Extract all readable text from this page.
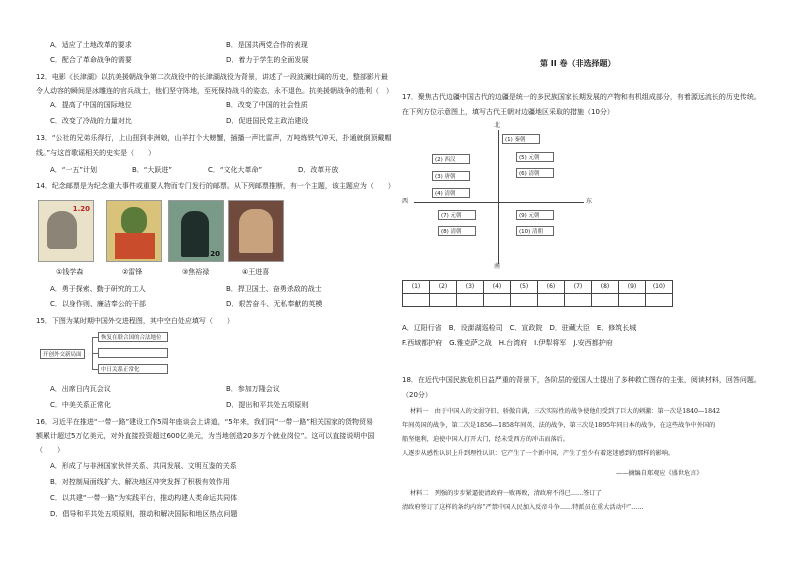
A．适应了土地改革的要求	B．是国共两党合作的表现
C．配合了革命战争的需要	D．着力于学生的全面发展
12．电影《长津湖》以抗美援朝战争第二次战役中的长津湖战役为背景，讲述了一段波澜壮阔的历史，整部影片最
令人动容的瞬间是冰雕连的官兵战士，他们坚守阵地，至死保持战斗的姿态，永不退色。抗美援朝战争的胜利（　）
A．提高了中国的国际地位	B．改变了中国的社会性质
C．改变了冷战的力量对比	D．促进国民党主政治建设
13．“公社的兄弟乐得行，上山扭到非洲娘，山羊打个大螃蟹，插播一声比雷声，万吨炼铁气冲天，扑通就倒顶戴帽
线。”与这首歌谣相关的史实是（　　）
A．“一五”计划	B．“大跃进”	C．“文化大革命”	D．改革开放
14．纪念邮票是为纪念重大事件或重要人物而专门发行的邮票。从下列邮票推断，有一个主题，该主题应为（　　）
1.20
20
①钱学森	②雷锋	③焦裕禄	④王进喜
A．勇于探索、勤于研究的工人	B．捍卫国土、奋勇杀敌的战士
C．以身作则、廉洁奉公的干部	D．艰苦奋斗、无私奉献的英模
15．下图为某时期中国外交进程图，其中空白处应填写（　　）
开创外交新局面
恢复在联合国的合法地位
中日关系正常化
A．出席日内瓦会议	B．参加万隆会议
C．中美关系正常化	D．提出和平共处五项原则
16．习近平在推进“一带一路”建设工作5周年座谈会上讲道，“5年来，我们同“一带一路”相关国家的货物贸易
额累计超过5万亿美元，对外直接投资超过600亿美元，为当地创造20多万个就业岗位”。这可以直接说明中国
（　　）
A．形成了与非洲国家伙伴关系、共同发展、文明互鉴的关系
B．对控制局面线扩大、解决地区冲突发挥了积极有效作用
C．以共建“一带一路”为实践平台，推动构建人类命运共同体
D．倡导和平共处五项原则，推动和解决国际和地区热点问题
第 II 卷（非选择题）
17．聚焦古代边疆中国古代的边疆是统一的多民族国家长期发展的产物和有机组成部分，有着源远流长的历史传统。
在下列方位示意图上，填写古代王朝对边疆地区采取的措施（10分）
北
南
西	东
(1) 秦朝
(2) 西汉
(3) 唐朝
(4) 清朝
(5) 元朝
(6) 清朝
(7) 元朝
(8) 清朝
(9) 元朝
(10) 清朝
(1)	(2)	(3)	(4)	(5)	(6)	(7)	(8)	(9)	(10)

A．辽阳行省　B．设澎湖巡检司　C．宣政院　D．驻藏大臣　E．修筑长城
F.西域都护府　G.雅克萨之战　H.台湾府　I.伊犁将军　J.安西都护府
18．在近代中国民族危机日益严重的背景下，各阶层的爱国人士提出了多种救亡图存的主张，阅读材料，回答问题。
（20分）
材料一　由于中国人的文弱守旧、骄傲自满，三次实际性的战争使他们受到了巨大的刺激：第一次是1840—1842
年间英国的战争，第二次是1856—1858年间英、法的战争，第三次是1895年同日本的战争，在这些战争中外国的
船坚炮利，迫使中国人打开大门，经未受西方的冲击而落后。
人逐步从感性认识上升到理性认识：它产生了一个新中国，产生了至少有着迷迷感到的那样的影响。
——摘编自郑观应《盛世危言》
材料二　列强的步步紧逼使清政府一败再败，清政府不得已……签订了
清政府签订了这样的条约内容“严禁中国人民加入反帝斗争……特派员在重大活动中”……
